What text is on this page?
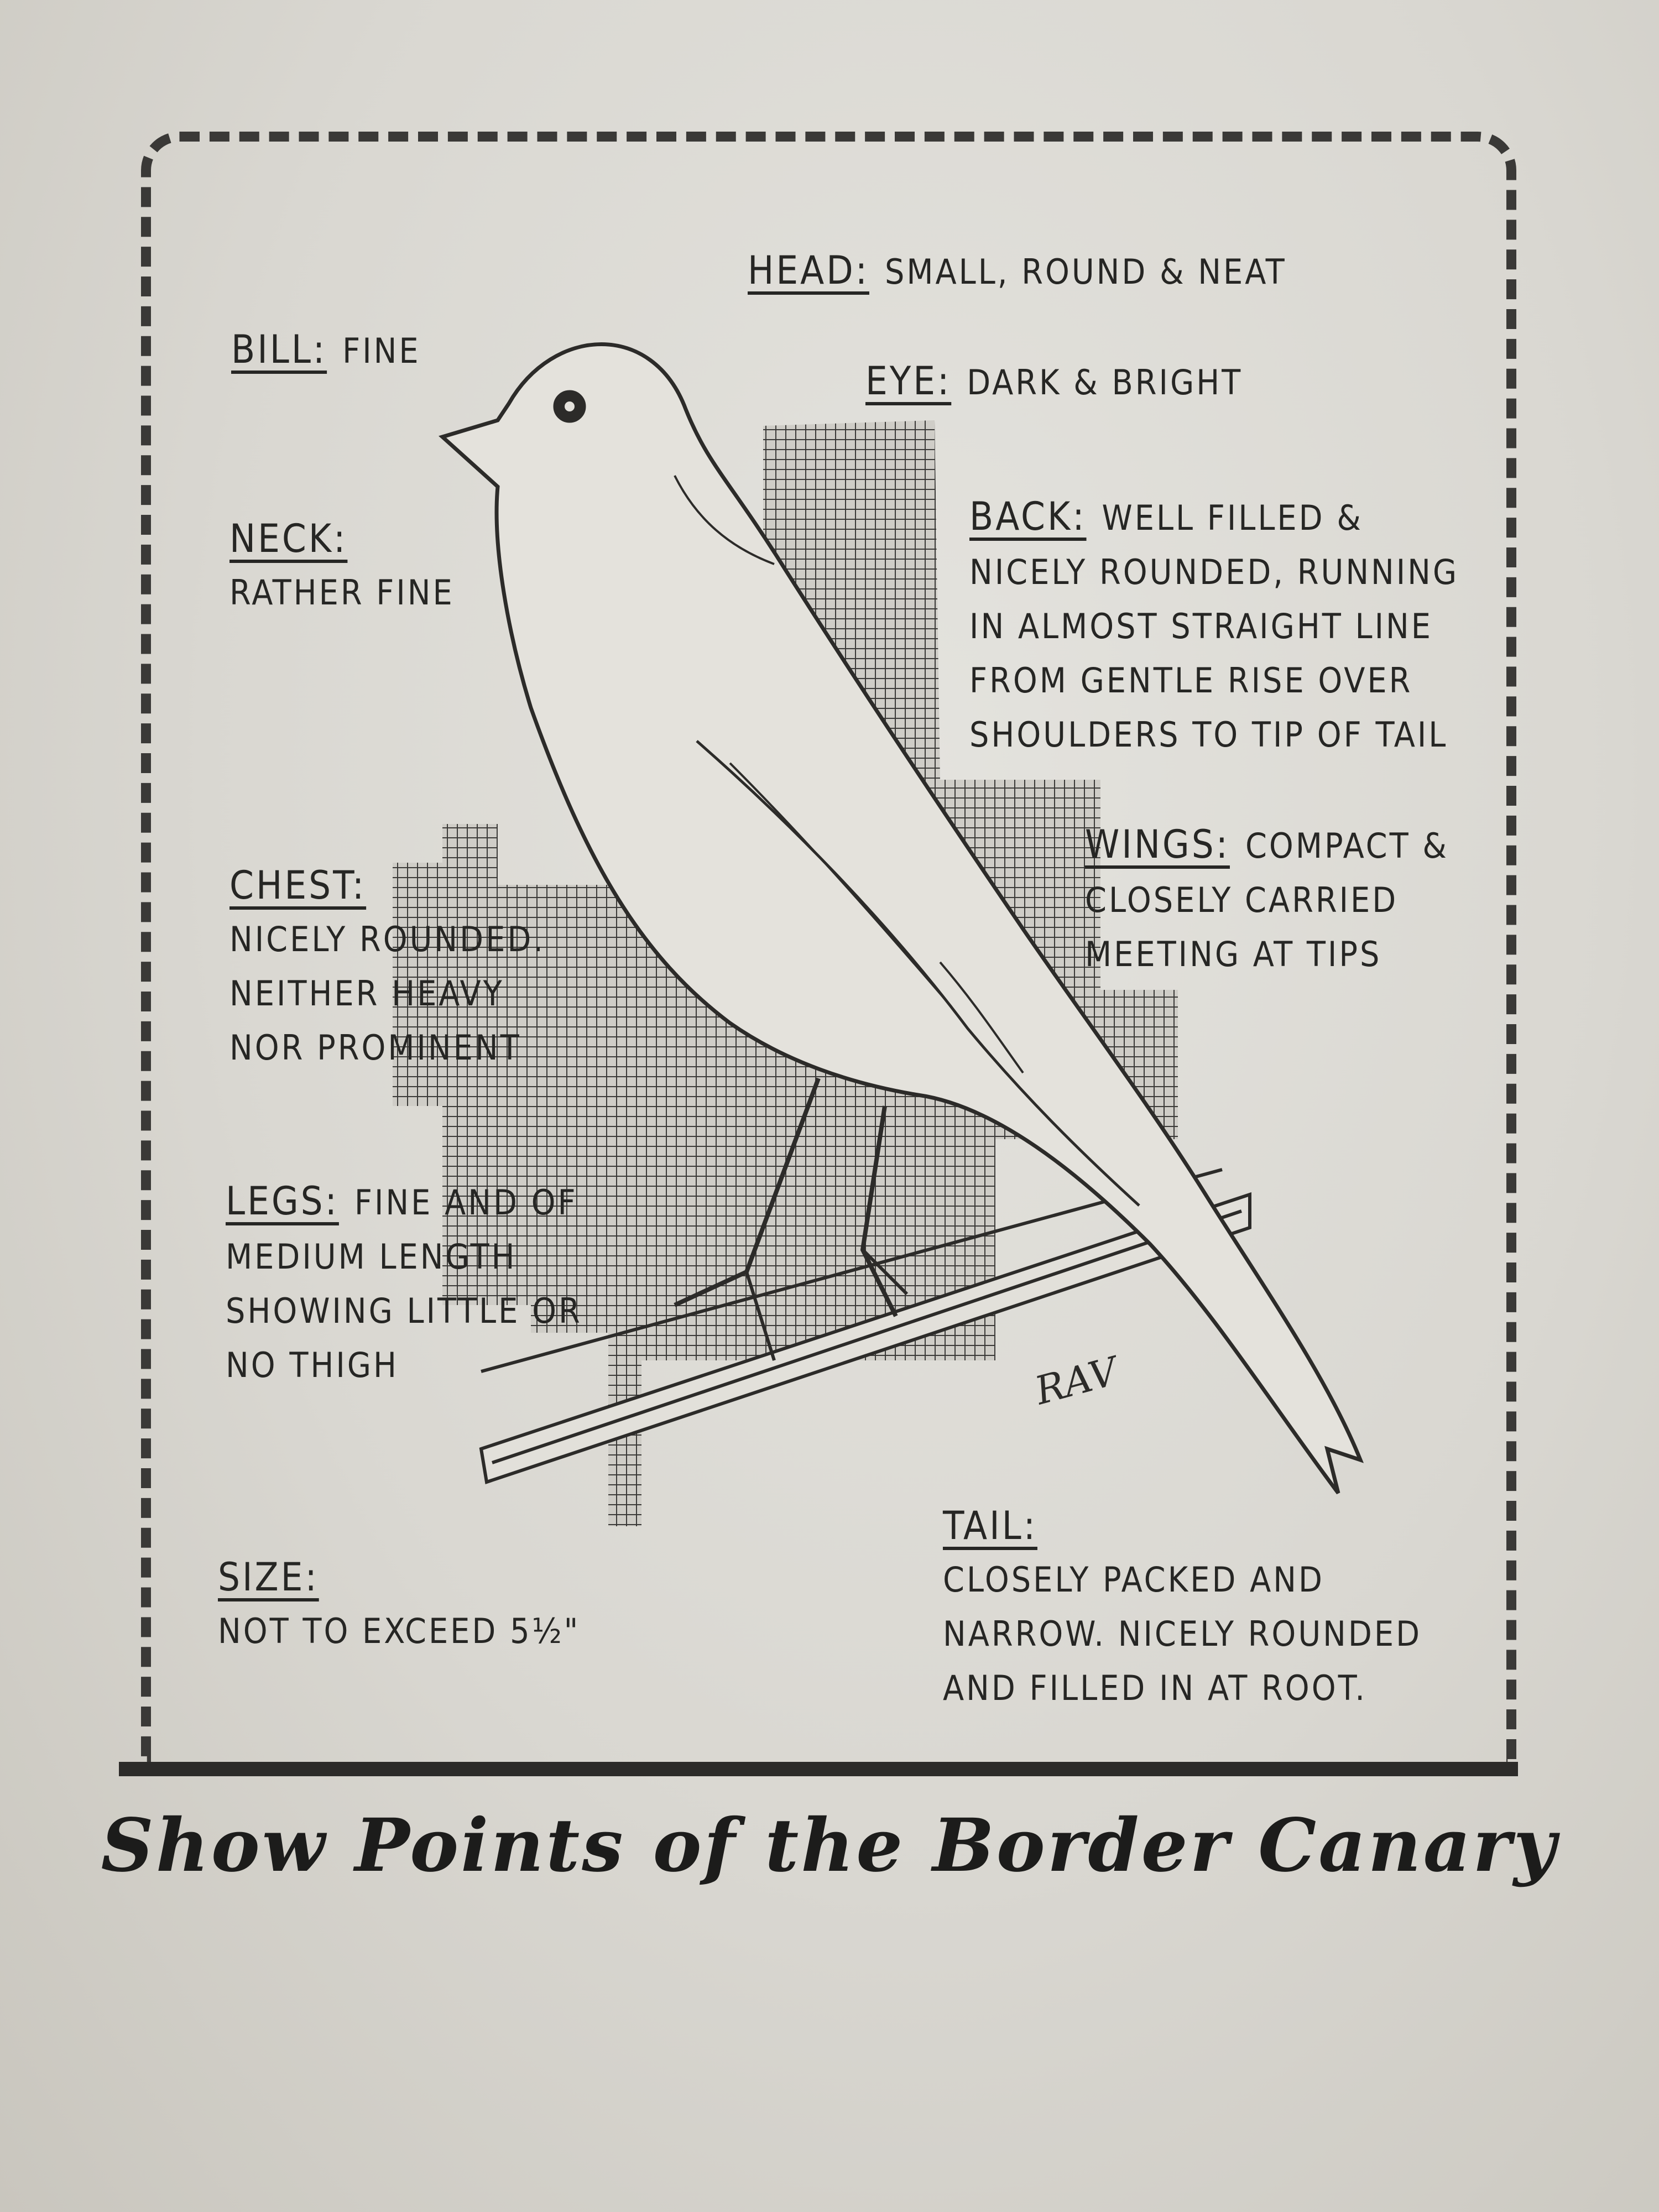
RAV
HEAD: SMALL, ROUND & NEAT
BILL: FINE
EYE: DARK & BRIGHT
NECK:
RATHER FINE
BACK: WELL FILLED &
NICELY ROUNDED, RUNNING
IN ALMOST STRAIGHT LINE
FROM GENTLE RISE OVER
SHOULDERS TO TIP OF TAIL
WINGS: COMPACT &
CLOSELY CARRIED
MEETING AT TIPS
CHEST:
NICELY ROUNDED.
NEITHER HEAVY
NOR PROMINENT
LEGS: FINE AND OF
MEDIUM LENGTH
SHOWING LITTLE OR
NO THIGH
SIZE:
NOT TO EXCEED 5½"
TAIL:
CLOSELY PACKED AND
NARROW. NICELY ROUNDED
AND FILLED IN AT ROOT.
Show Points of the Border Canary
